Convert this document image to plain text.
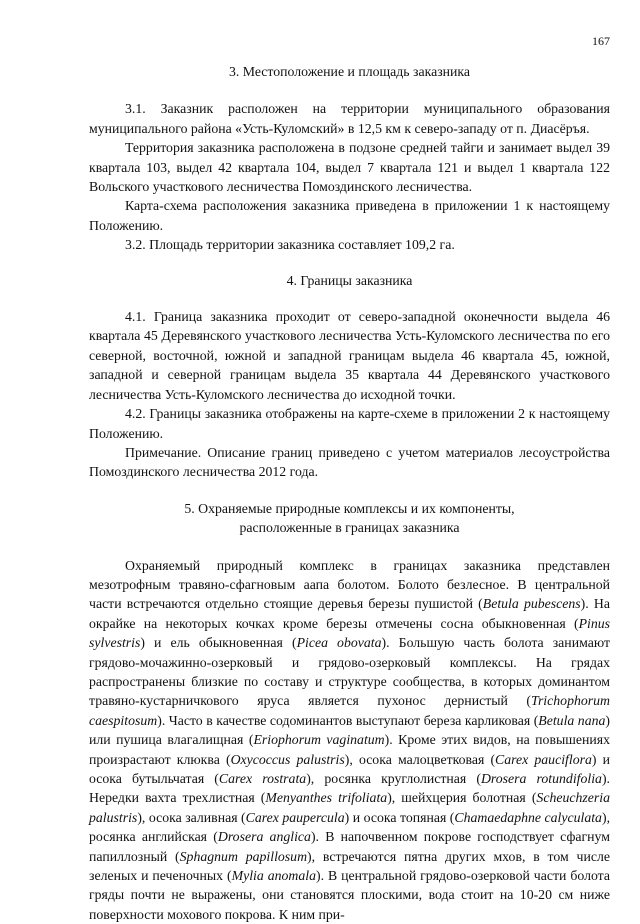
167
3. Местоположение и площадь заказника

3.1. Заказник расположен на территории муниципального образования муниципального района «Усть-Куломский» в 12,5 км к северо-западу от п. Диасёръя.

Территория заказника расположена в подзоне средней тайги и занимает выдел 39 квартала 103, выдел 42 квартала 104, выдел 7 квартала 121 и выдел 1 квартала 122 Вольского участкового лесничества Помоздинского лесничества.

Карта-схема расположения заказника приведена в приложении 1 к настоящему Положению.

3.2. Площадь территории заказника составляет 109,2 га.

4. Границы заказника

4.1. Граница заказника проходит от северо-западной оконечности выдела 46 квартала 45 Деревянского участкового лесничества Усть-Куломского лесничества по его северной, восточной, южной и западной границам выдела 46 квартала 45, южной, западной и северной границам выдела 35 квартала 44 Деревянского участкового лесничества Усть-Куломского лесничества до исходной точки.

4.2. Границы заказника отображены на карте-схеме в приложении 2 к настоящему Положению.

Примечание. Описание границ приведено с учетом материалов лесоустройства Помоздинского лесничества 2012 года.

5. Охраняемые природные комплексы и их компоненты,
расположенные в границах заказника

Охраняемый природный комплекс в границах заказника представлен мезотрофным травяно-сфагновым аапа болотом. Болото безлесное. В центральной части встречаются отдельно стоящие деревья березы пушистой (Betula pubescens). На окрайке на некоторых кочках кроме березы отмечены сосна обыкновенная (Pinus sylvestris) и ель обыкновенная (Picea obovata). Большую часть болота занимают грядово-мочажинно-озерковый и грядово-озерковый комплексы. На грядах распространены близкие по составу и структуре сообщества, в которых доминантом травяно-кустарничкового яруса является пухонос дернистый (Trichophorum caespitosum). Часто в качестве содоминантов выступают береза карликовая (Betula nana) или пушица влагалищная (Eriophorum vaginatum). Кроме этих видов, на повышениях произрастают клюква (Oxycoccus palustris), осока малоцветковая (Carex pauciflora) и осока бутыльчатая (Carex rostrata), росянка круглолистная (Drosera rotundifolia). Нередки вахта трехлистная (Menyanthes trifoliata), шейхцерия болотная (Scheuchzeria palustris), осока заливная (Carex paupercula) и осока топяная (Chamaedaphne calyculata), росянка английская (Drosera anglica). В напочвенном покрове господствует сфагнум папиллозный (Sphagnum papillosum), встречаются пятна других мхов, в том числе зеленых и печеночных (Mylia anomala). В центральной грядово-озерковой части болота гряды почти не выражены, они становятся плоскими, вода стоит на 10-20 см ниже поверхности мохового покрова. К ним при-
